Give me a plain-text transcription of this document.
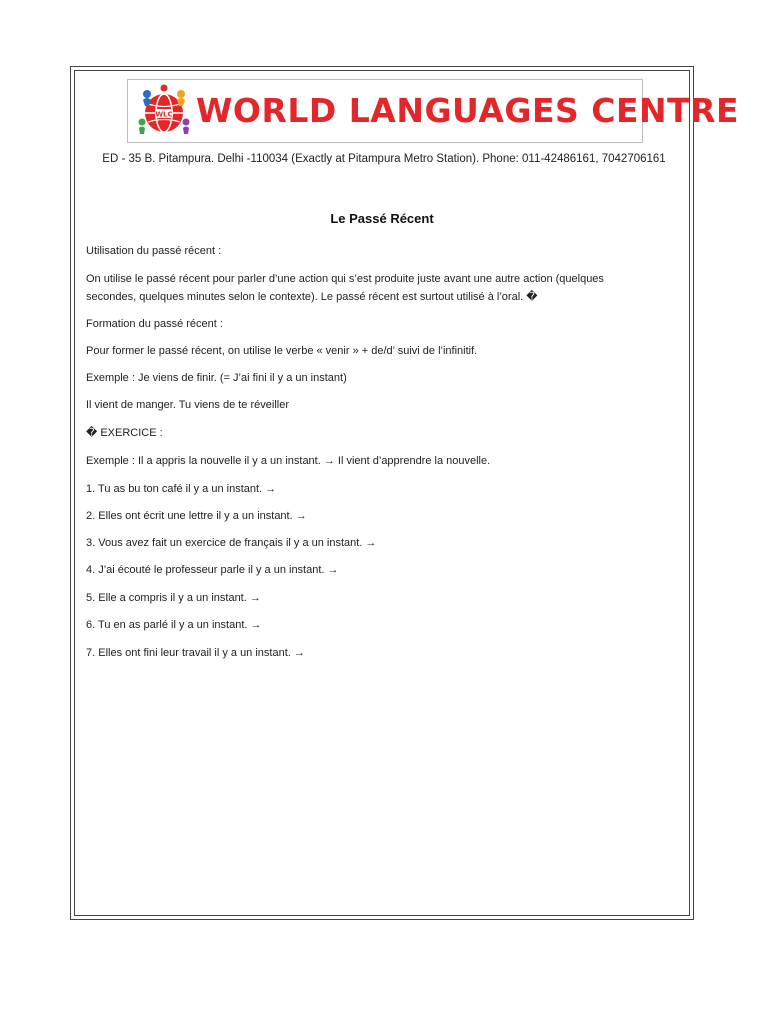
WLC WORLD LANGUAGES CENTRE
ED - 35 B. Pitampura. Delhi -110034 (Exactly at Pitampura Metro Station). Phone: 011-42486161, 7042706161
Le Passé Récent
Utilisation du passé récent :
On utilise le passé récent pour parler d’une action qui s’est produite juste avant une autre action (quelques secondes, quelques minutes selon le contexte). Le passé récent est surtout utilisé à l’oral. �
Formation du passé récent :
Pour former le passé récent, on utilise le verbe « venir » + de/d’ suivi de l’infinitif.
Exemple : Je viens de finir. (= J’ai fini il y a un instant)
Il vient de manger. Tu viens de te réveiller
� EXERCICE :
Exemple : Il a appris la nouvelle il y a un instant. → Il vient d’apprendre la nouvelle.
1. Tu as bu ton café il y a un instant. →
2. Elles ont écrit une lettre il y a un instant. →
3. Vous avez fait un exercice de français il y a un instant. →
4. J’ai écouté le professeur parle il y a un instant. →
5. Elle a compris il y a un instant. →
6. Tu en as parlé il y a un instant. →
7. Elles ont fini leur travail il y a un instant. →
